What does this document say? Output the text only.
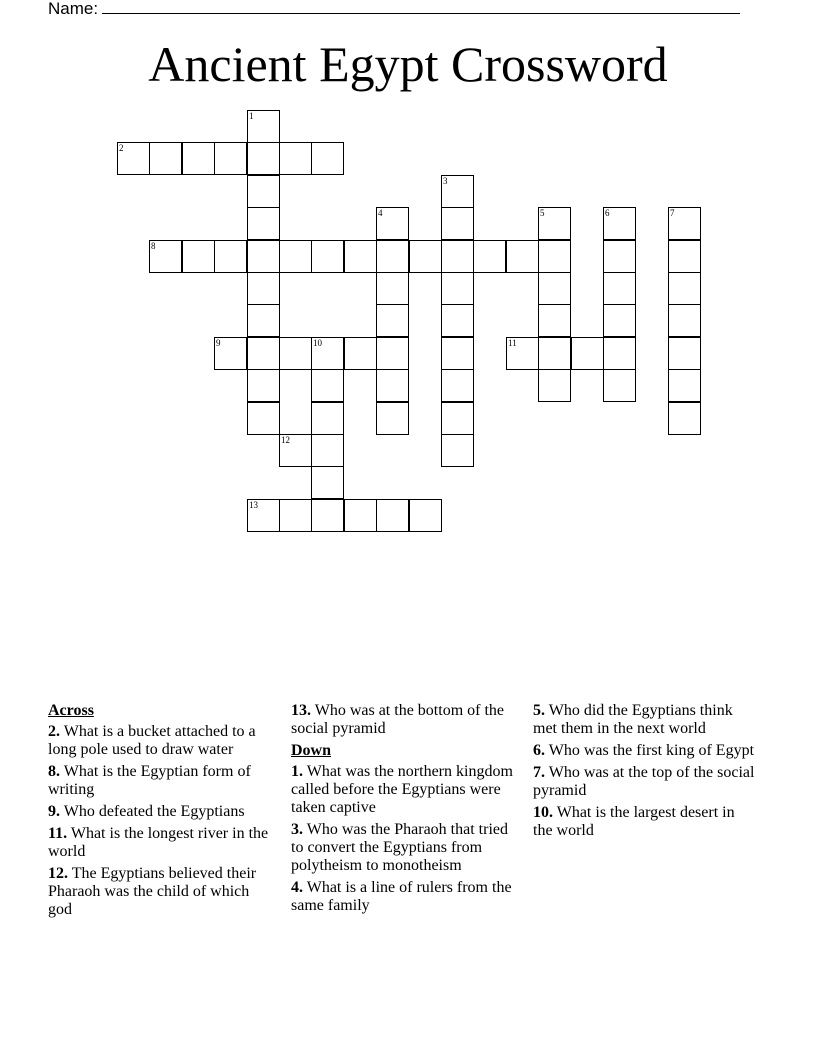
Name:
Ancient Egypt Crossword
1
2
3
4	5	6	7
8
9	10	11
12
13
Across
2. What is a bucket attached to a long pole used to draw water
8. What is the Egyptian form of writing
9. Who defeated the Egyptians
11. What is the longest river in the world
12. The Egyptians believed their Pharaoh was the child of which god
13. Who was at the bottom of the social pyramid
Down
1. What was the northern kingdom called before the Egyptians were taken captive
3. Who was the Pharaoh that tried to convert the Egyptians from polytheism to monotheism
4. What is a line of rulers from the same family
5. Who did the Egyptians think met them in the next world
6. Who was the first king of Egypt
7. Who was at the top of the social pyramid
10. What is the largest desert in the world
